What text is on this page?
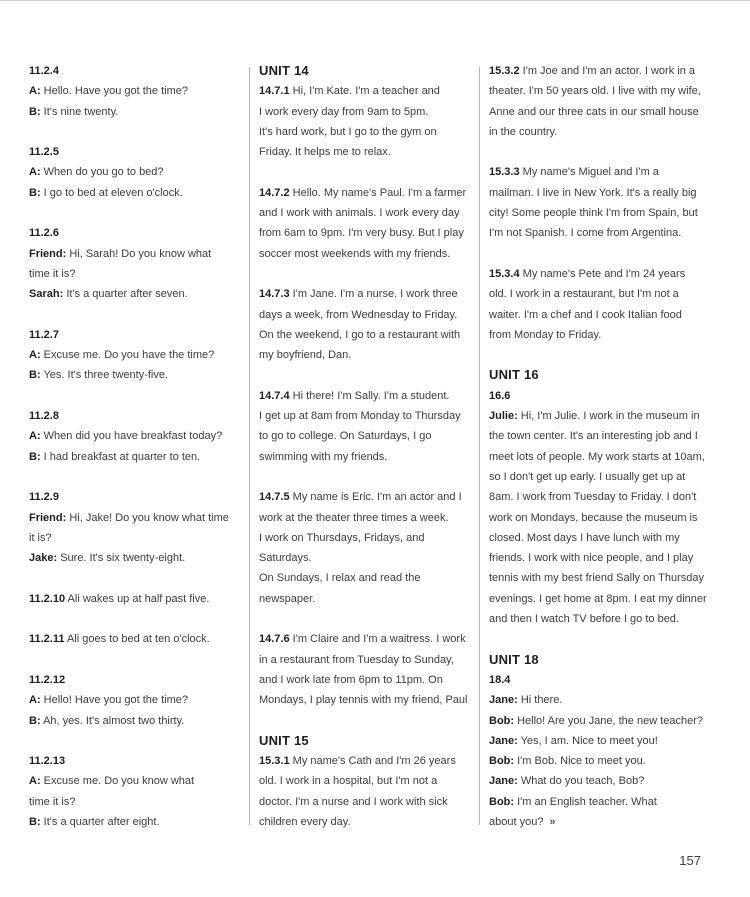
11.2.4
A: Hello. Have you got the time?
B: It's nine twenty.
11.2.5
A: When do you go to bed?
B: I go to bed at eleven o'clock.
11.2.6
Friend: Hi, Sarah! Do you know what
time it is?
Sarah: It's a quarter after seven.
11.2.7
A: Excuse me. Do you have the time?
B: Yes. It's three twenty-five.
11.2.8
A: When did you have breakfast today?
B: I had breakfast at quarter to ten.
11.2.9
Friend: Hi, Jake! Do you know what time
it is?
Jake: Sure. It's six twenty-eight.
11.2.10 Ali wakes up at half past five.
11.2.11 Ali goes to bed at ten o'clock.
11.2.12
A: Hello! Have you got the time?
B: Ah, yes. It's almost two thirty.
11.2.13
A: Excuse me. Do you know what
time it is?
B: It's a quarter after eight.
UNIT 14
14.7.1 Hi, I'm Kate. I'm a teacher and
I work every day from 9am to 5pm.
It's hard work, but I go to the gym on
Friday. It helps me to relax.
14.7.2 Hello. My name's Paul. I'm a farmer
and I work with animals. I work every day
from 6am to 9pm. I'm very busy. But I play
soccer most weekends with my friends.
14.7.3 I'm Jane. I'm a nurse. I work three
days a week, from Wednesday to Friday.
On the weekend, I go to a restaurant with
my boyfriend, Dan.
14.7.4 Hi there! I'm Sally. I'm a student.
I get up at 8am from Monday to Thursday
to go to college. On Saturdays, I go
swimming with my friends.
14.7.5 My name is Eric. I'm an actor and I
work at the theater three times a week.
I work on Thursdays, Fridays, and Saturdays.
On Sundays, I relax and read the newspaper.
14.7.6 I'm Claire and I'm a waitress. I work
in a restaurant from Tuesday to Sunday,
and I work late from 6pm to 11pm. On
Mondays, I play tennis with my friend, Paul
UNIT 15
15.3.1 My name's Cath and I'm 26 years
old. I work in a hospital, but I'm not a
doctor. I'm a nurse and I work with sick
children every day.
15.3.2 I'm Joe and I'm an actor. I work in a
theater. I'm 50 years old. I live with my wife,
Anne and our three cats in our small house
in the country.
15.3.3 My name's Miguel and I'm a
mailman. I live in New York. It's a really big
city! Some people think I'm from Spain, but
I'm not Spanish. I come from Argentina.
15.3.4 My name's Pete and I'm 24 years
old. I work in a restaurant, but I'm not a
waiter. I'm a chef and I cook Italian food
from Monday to Friday.
UNIT 16
16.6
Julie: Hi, I'm Julie. I work in the museum in
the town center. It's an interesting job and I
meet lots of people. My work starts at 10am,
so I don't get up early. I usually get up at
8am. I work from Tuesday to Friday. I don't
work on Mondays, because the museum is
closed. Most days I have lunch with my
friends. I work with nice people, and I play
tennis with my best friend Sally on Thursday
evenings. I get home at 8pm. I eat my dinner
and then I watch TV before I go to bed.
UNIT 18
18.4
Jane: Hi there.
Bob: Hello! Are you Jane, the new teacher?
Jane: Yes, I am. Nice to meet you!
Bob: I'm Bob. Nice to meet you.
Jane: What do you teach, Bob?
Bob: I'm an English teacher. What
about you? »
157
